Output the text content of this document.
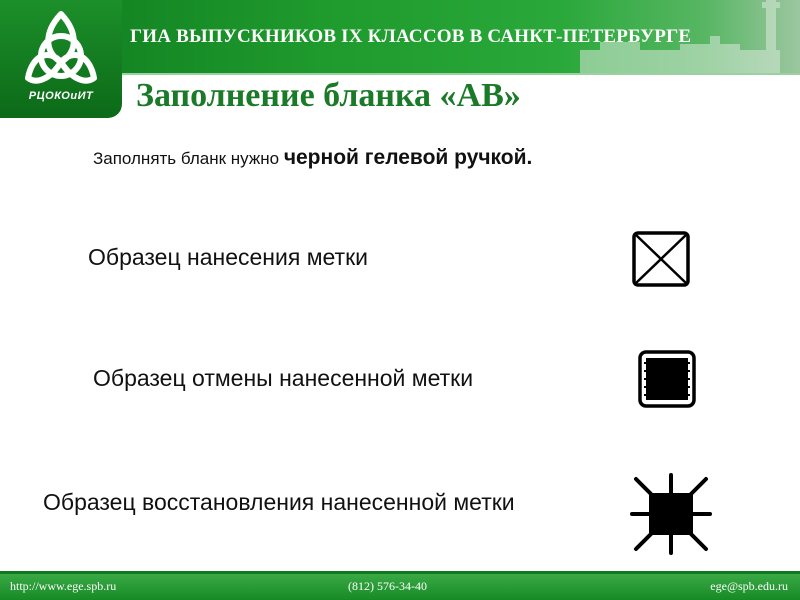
РЦОКОиИТ
ГИА ВЫПУСКНИКОВ IX КЛАССОВ В САНКТ-ПЕТЕРБУРГЕ
Заполнение бланка «АВ»
Заполнять бланк нужно черной гелевой ручкой.
Образец нанесения метки
Образец отмены нанесенной метки
Образец восстановления нанесенной метки
http://www.ege.spb.ru	(812) 576-34-40	ege@spb.edu.ru
